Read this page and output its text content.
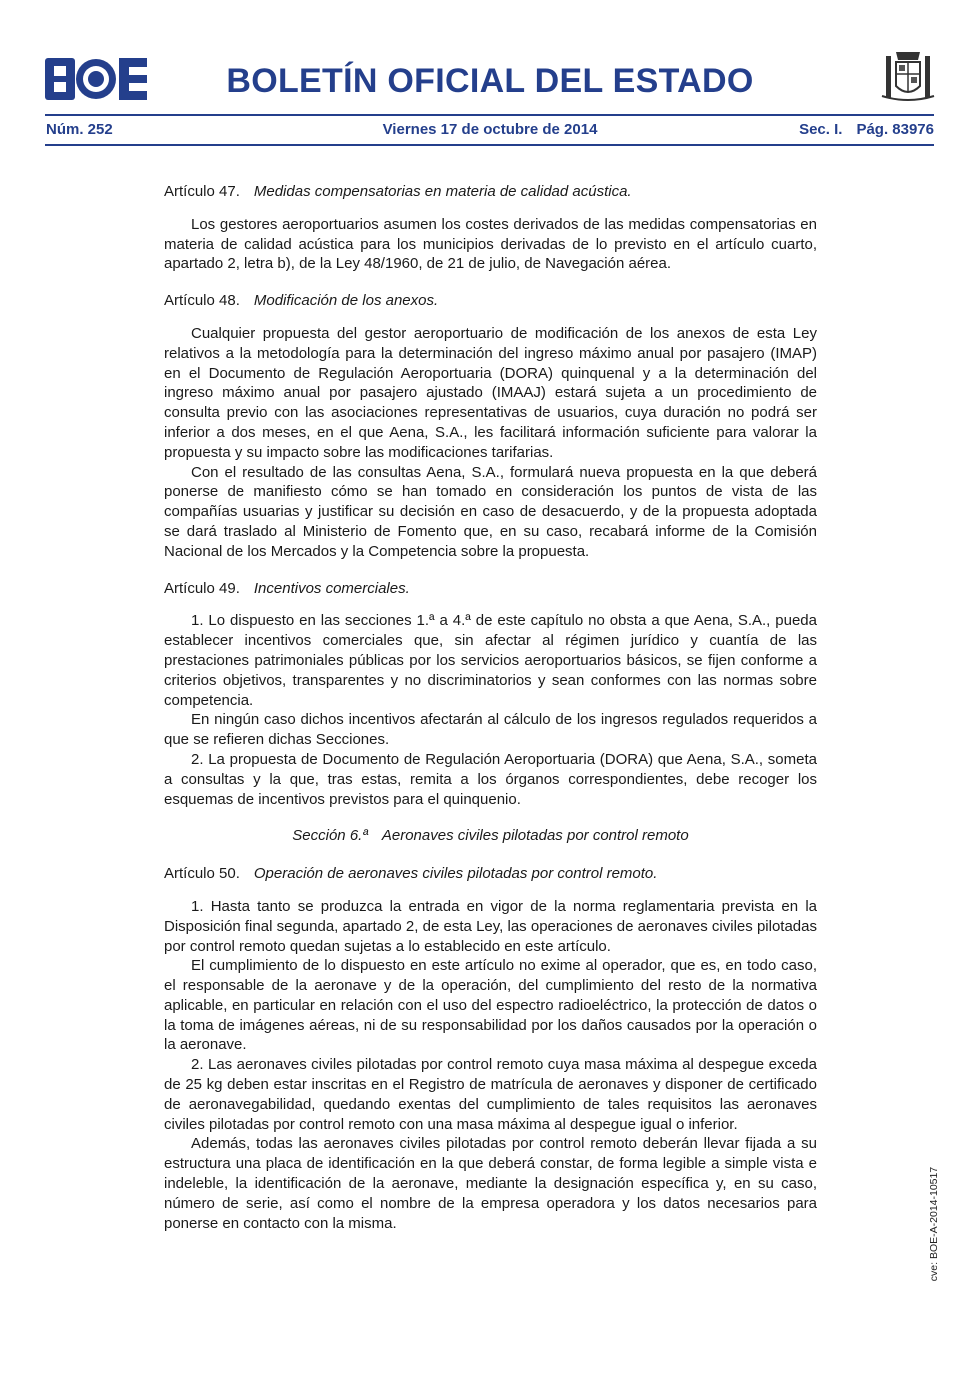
BOLETÍN OFICIAL DEL ESTADO
Núm. 252	Viernes 17 de octubre de 2014	Sec. I. Pág. 83976
Artículo 47. Medidas compensatorias en materia de calidad acústica.

Los gestores aeroportuarios asumen los costes derivados de las medidas compensatorias en materia de calidad acústica para los municipios derivadas de lo previsto en el artículo cuarto, apartado 2, letra b), de la Ley 48/1960, de 21 de julio, de Navegación aérea.

Artículo 48. Modificación de los anexos.

Cualquier propuesta del gestor aeroportuario de modificación de los anexos de esta Ley relativos a la metodología para la determinación del ingreso máximo anual por pasajero (IMAP) en el Documento de Regulación Aeroportuaria (DORA) quinquenal y a la determinación del ingreso máximo anual por pasajero ajustado (IMAAJ) estará sujeta a un procedimiento de consulta previo con las asociaciones representativas de usuarios, cuya duración no podrá ser inferior a dos meses, en el que Aena, S.A., les facilitará información suficiente para valorar la propuesta y su impacto sobre las modificaciones tarifarias.

Con el resultado de las consultas Aena, S.A., formulará nueva propuesta en la que deberá ponerse de manifiesto cómo se han tomado en consideración los puntos de vista de las compañías usuarias y justificar su decisión en caso de desacuerdo, y de la propuesta adoptada se dará traslado al Ministerio de Fomento que, en su caso, recabará informe de la Comisión Nacional de los Mercados y la Competencia sobre la propuesta.

Artículo 49. Incentivos comerciales.

1. Lo dispuesto en las secciones 1.ª a 4.ª de este capítulo no obsta a que Aena, S.A., pueda establecer incentivos comerciales que, sin afectar al régimen jurídico y cuantía de las prestaciones patrimoniales públicas por los servicios aeroportuarios básicos, se fijen conforme a criterios objetivos, transparentes y no discriminatorios y sean conformes con las normas sobre competencia.

En ningún caso dichos incentivos afectarán al cálculo de los ingresos regulados requeridos a que se refieren dichas Secciones.

2. La propuesta de Documento de Regulación Aeroportuaria (DORA) que Aena, S.A., someta a consultas y la que, tras estas, remita a los órganos correspondientes, debe recoger los esquemas de incentivos previstos para el quinquenio.

Sección 6.ª Aeronaves civiles pilotadas por control remoto
Artículo 50. Operación de aeronaves civiles pilotadas por control remoto.

1. Hasta tanto se produzca la entrada en vigor de la norma reglamentaria prevista en la Disposición final segunda, apartado 2, de esta Ley, las operaciones de aeronaves civiles pilotadas por control remoto quedan sujetas a lo establecido en este artículo.

El cumplimiento de lo dispuesto en este artículo no exime al operador, que es, en todo caso, el responsable de la aeronave y de la operación, del cumplimiento del resto de la normativa aplicable, en particular en relación con el uso del espectro radioeléctrico, la protección de datos o la toma de imágenes aéreas, ni de su responsabilidad por los daños causados por la operación o la aeronave.

2. Las aeronaves civiles pilotadas por control remoto cuya masa máxima al despegue exceda de 25 kg deben estar inscritas en el Registro de matrícula de aeronaves y disponer de certificado de aeronavegabilidad, quedando exentas del cumplimiento de tales requisitos las aeronaves civiles pilotadas por control remoto con una masa máxima al despegue igual o inferior.

Además, todas las aeronaves civiles pilotadas por control remoto deberán llevar fijada a su estructura una placa de identificación en la que deberá constar, de forma legible a simple vista e indeleble, la identificación de la aeronave, mediante la designación específica y, en su caso, número de serie, así como el nombre de la empresa operadora y los datos necesarios para ponerse en contacto con la misma.	cve: BOE-A-2014-10517
